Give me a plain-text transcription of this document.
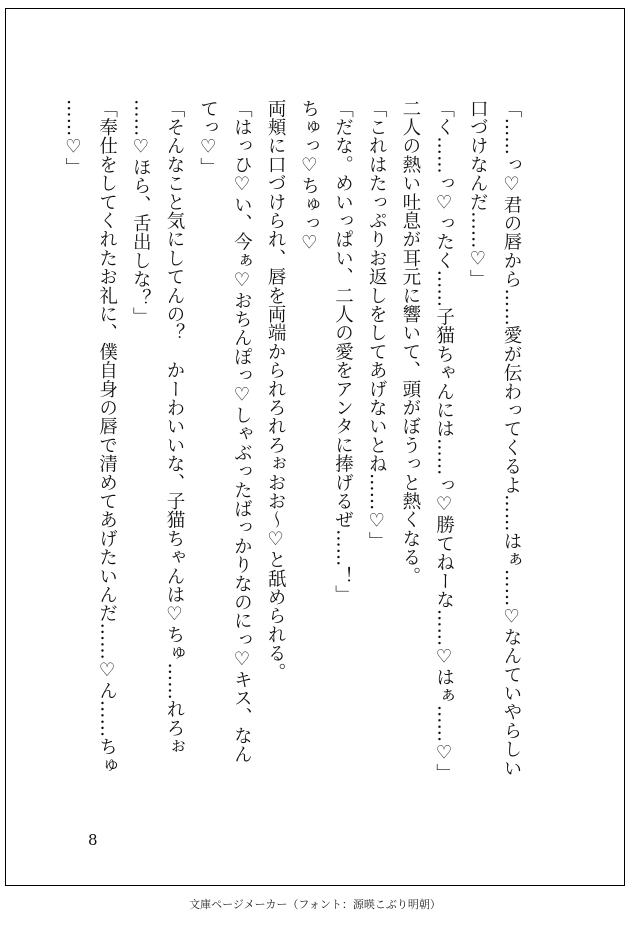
「……っ♡君の唇から……愛が伝わってくるよ……はぁ……♡なんていやらしい
口づけなんだ……♡」
「く……っ♡ったく……子猫ちゃんには……っ♡勝てねーな……♡はぁ……♡」
二人の熱い吐息が耳元に響いて、頭がぼうっと熱くなる。
「これはたっぷりお返しをしてあげないとね……♡」
「だな。めいっぱい、二人の愛をアンタに捧げるぜ……！」
ちゅっ♡ちゅっ♡
両頬に口づけられ、唇を両端かられろれろぉおお～♡と舐められる。
「はっひ♡い、今ぁ♡おちんぽっ♡しゃぶったばっかりなのにっ♡キス、なん
てっ♡」
「そんなこと気にしてんの？　かーわいいな、子猫ちゃんは♡ちゅ……れろぉ
……♡ほら、舌出しな？」
「奉仕をしてくれたお礼に、僕自身の唇で清めてあげたいんだ……♡ん……ちゅ
……♡」
8
文庫ページメーカー（フォント：源暎こぶり明朝）
